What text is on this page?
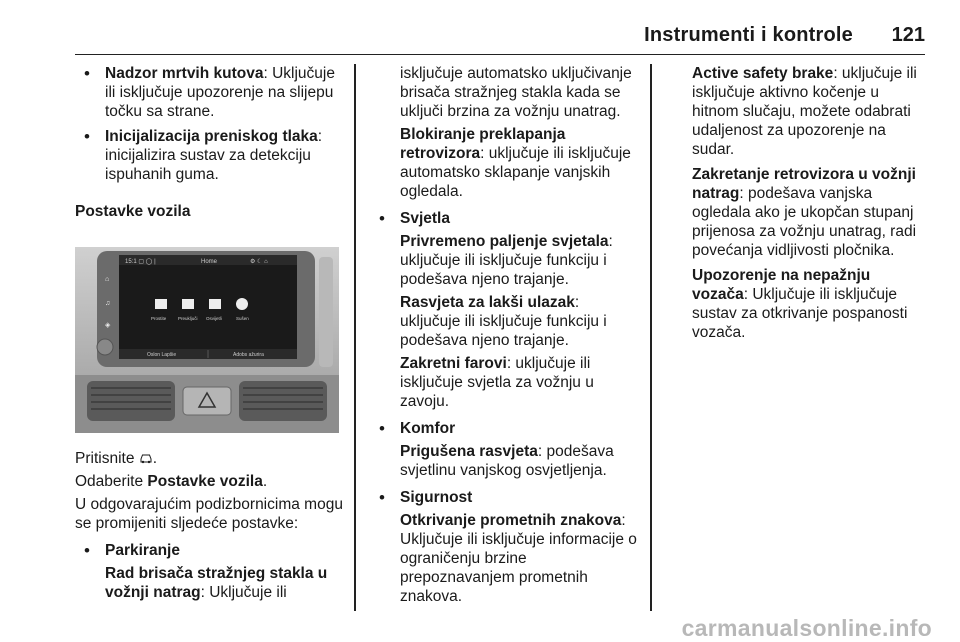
Instrumenti i kontrole 121
• Nadzor mrtvih kutova: Uključuje ili isključuje upozorenje na slijepu točku sa strane.
• Inicijalizacija preniskog tlaka: inicijalizira sustav za detekciju ispuhanih guma.

Postavke vozila

15:1 ▢ ◯ |	Home	⚙ ☾ ⌂
⌂
♫
◈
Prostite	Preuključi Osvijetli	Sušen
Oslon Lapšie	Adobs ažurira

Pritisnite .

Odaberite Postavke vozila.

U odgovarajućim podizbornicima mogu se promijeniti sljedeće postavke:

• Parkiranje

Rad brisača stražnjeg stakla u vožnji natrag: Uključuje ili

isključuje automatsko uključivanje brisača stražnjeg stakla kada se uključi brzina za vožnju unatrag.

Blokiranje preklapanja retrovizora: uključuje ili isključuje automatsko sklapanje vanjskih ogledala.

• Svjetla

Privremeno paljenje svjetala: uključuje ili isključuje funkciju i podešava njeno trajanje.

Rasvjeta za lakši ulazak: uključuje ili isključuje funkciju i podešava njeno trajanje.

Zakretni farovi: uključuje ili isključuje svjetla za vožnju u zavoju.

• Komfor

Prigušena rasvjeta: podešava svjetlinu vanjskog osvjetljenja.

• Sigurnost

Otkrivanje prometnih znakova: Uključuje ili isključuje informacije o ograničenju brzine prepoznavanjem prometnih znakova.

Active safety brake: uključuje ili isključuje aktivno kočenje u hitnom slučaju, možete odabrati udaljenost za upozorenje na sudar.

Zakretanje retrovizora u vožnji natrag: podešava vanjska ogledala ako je ukopčan stupanj prijenosa za vožnju unatrag, radi povećanja vidljivosti pločnika.

Upozorenje na nepažnju vozača: Uključuje ili isključuje sustav za otkrivanje pospanosti vozača.

carmanualsonline.info
